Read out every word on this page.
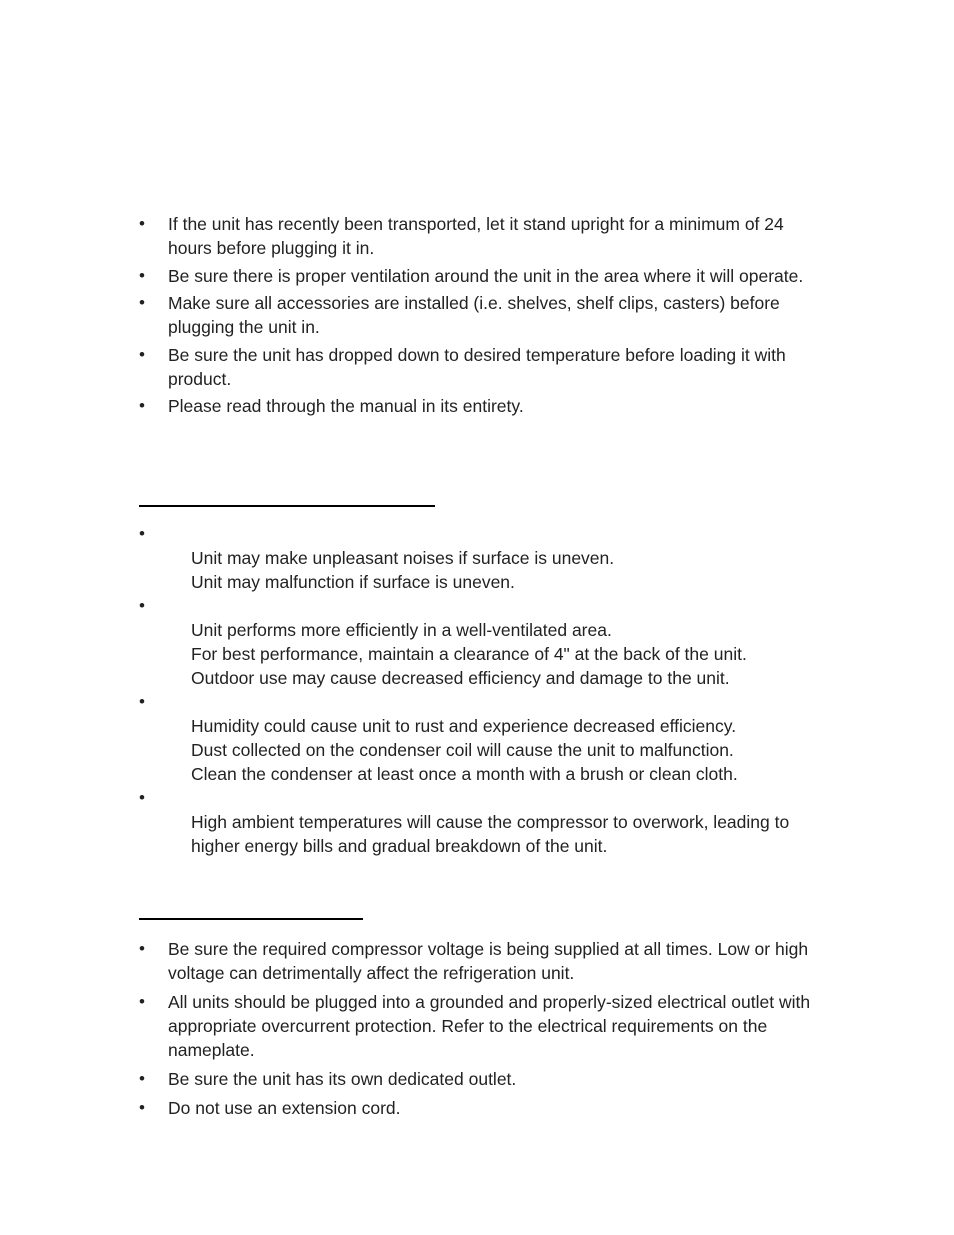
•	If the unit has recently been transported, let it stand upright for a minimum of 24 hours before plugging it in.
•	Be sure there is proper ventilation around the unit in the area where it will operate.
•	Make sure all accessories are installed (i.e. shelves, shelf clips, casters) before plugging the unit in.
•	Be sure the unit has dropped down to desired temperature before loading it with product.
•	Please read through the manual in its entirety.
•
Unit may make unpleasant noises if surface is uneven.
Unit may malfunction if surface is uneven.
•
Unit performs more efficiently in a well-ventilated area.
For best performance, maintain a clearance of 4" at the back of the unit.
Outdoor use may cause decreased efficiency and damage to the unit.
•
Humidity could cause unit to rust and experience decreased efficiency.
Dust collected on the condenser coil will cause the unit to malfunction.
Clean the condenser at least once a month with a brush or clean cloth.
•
High ambient temperatures will cause the compressor to overwork, leading to higher energy bills and gradual breakdown of the unit.
•	Be sure the required compressor voltage is being supplied at all times. Low or high voltage can detrimentally affect the refrigeration unit.
•	All units should be plugged into a grounded and properly-sized electrical outlet with appropriate overcurrent protection. Refer to the electrical requirements on the nameplate.
•	Be sure the unit has its own dedicated outlet.
•	Do not use an extension cord.
